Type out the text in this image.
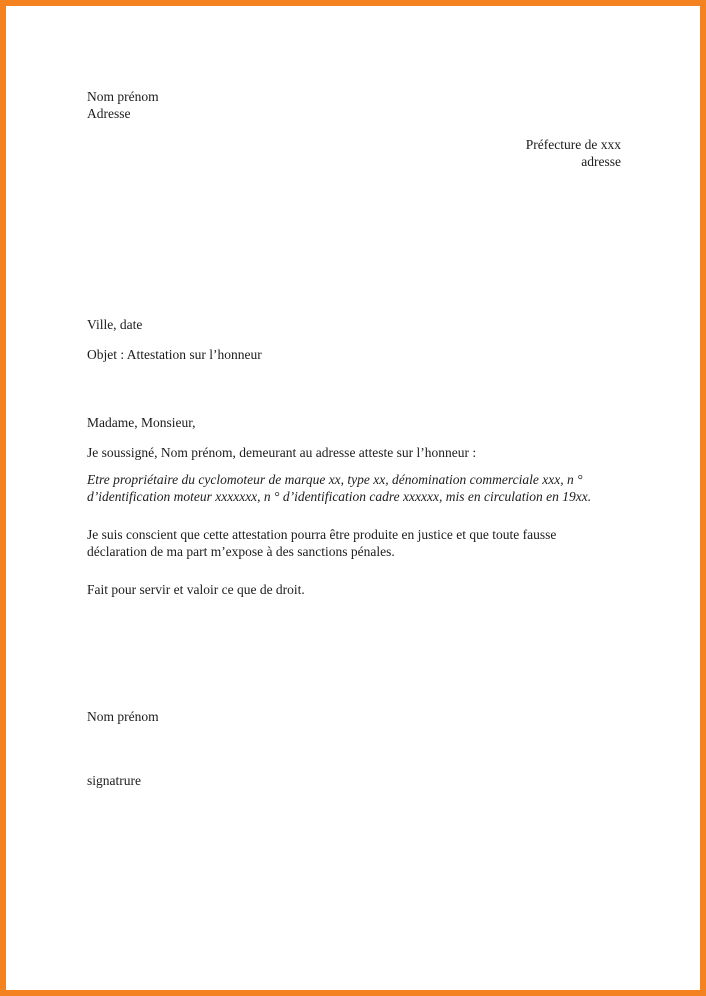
Nom prénom
Adresse
Préfecture de xxx
adresse
Ville, date
Objet : Attestation sur l’honneur
Madame, Monsieur,
Je soussigné, Nom prénom, demeurant au adresse atteste sur l’honneur :
Etre propriétaire du cyclomoteur de marque xx, type xx, dénomination commerciale xxx, n °
d’identification moteur xxxxxxx, n ° d’identification cadre xxxxxx, mis en circulation en 19xx.
Je suis conscient que cette attestation pourra être produite en justice et que toute fausse
déclaration de ma part m’expose à des sanctions pénales.
Fait pour servir et valoir ce que de droit.
Nom prénom
signatrure
